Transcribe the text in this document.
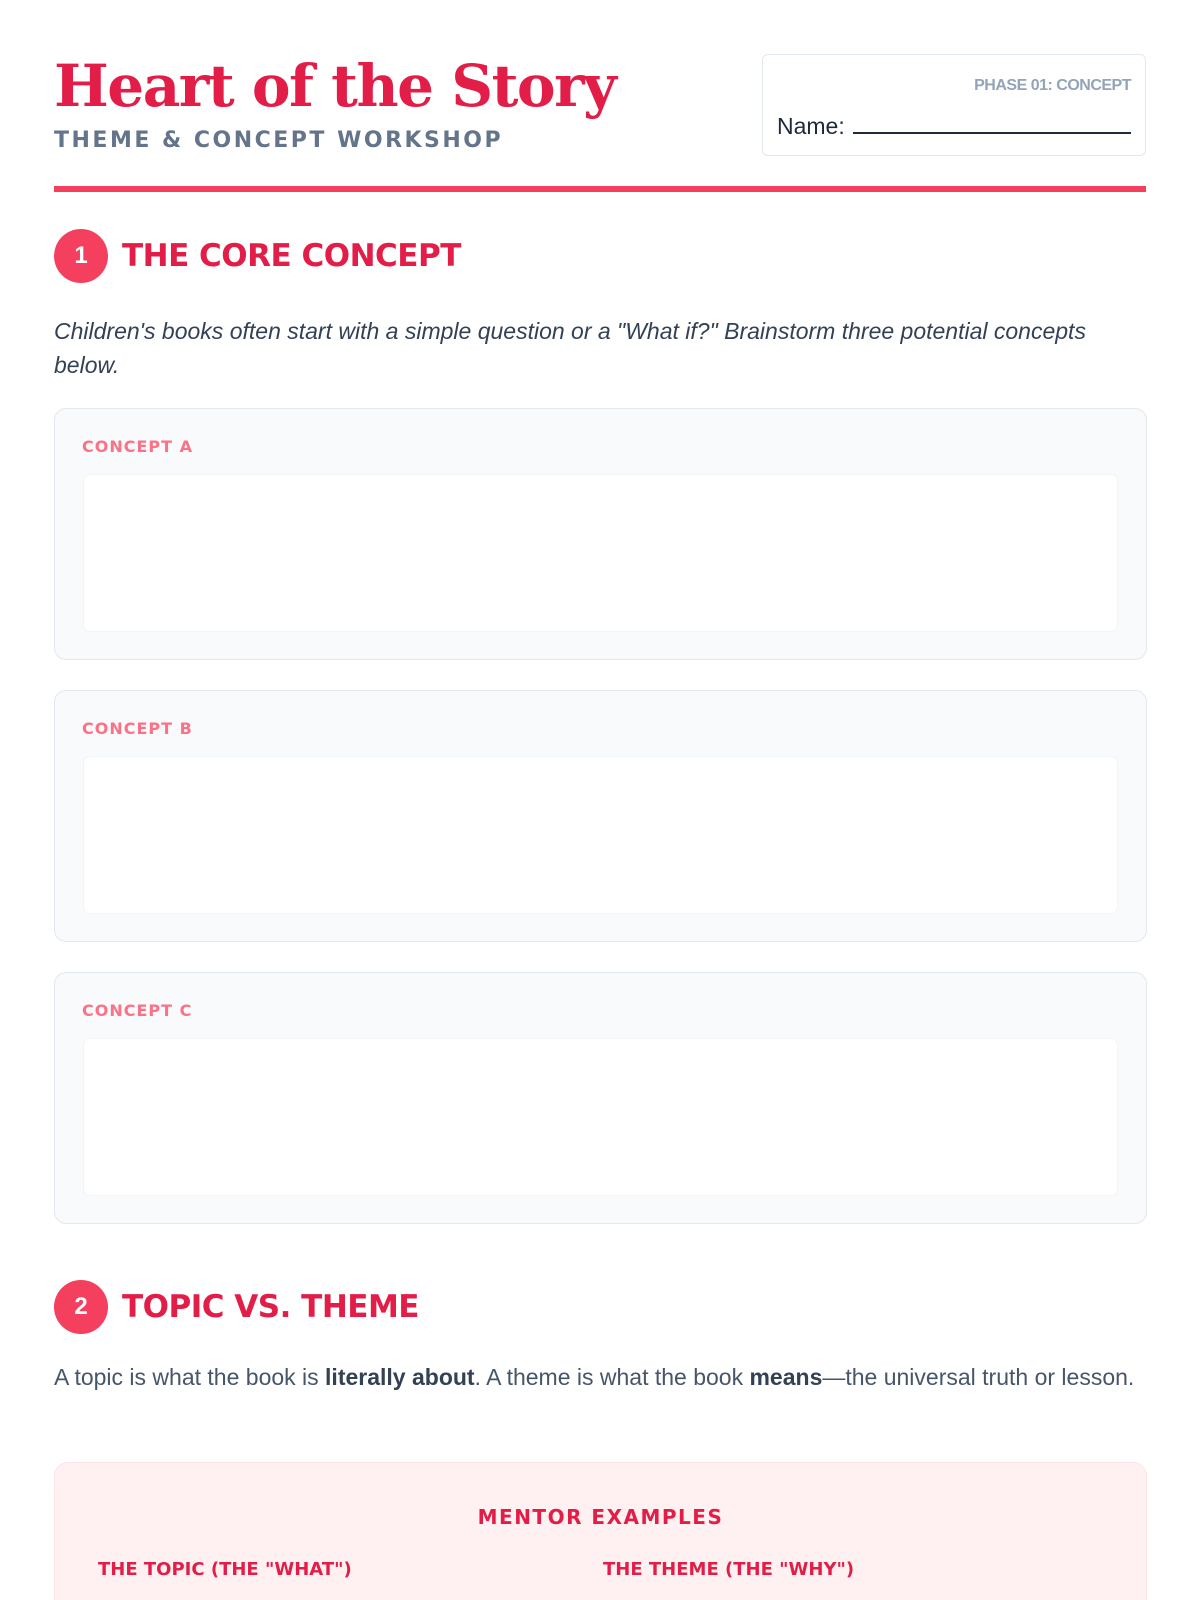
Heart of the Story
THEME & CONCEPT WORKSHOP
PHASE 01: CONCEPT
Name:
1	THE CORE CONCEPT
Children's books often start with a simple question or a "What if?" Brainstorm three potential concepts below.
CONCEPT A
CONCEPT B
CONCEPT C
2	TOPIC VS. THEME
A topic is what the book is literally about. A theme is what the book means—the universal truth or lesson.
MENTOR EXAMPLES
THE TOPIC (THE "WHAT")	THE THEME (THE "WHY")
